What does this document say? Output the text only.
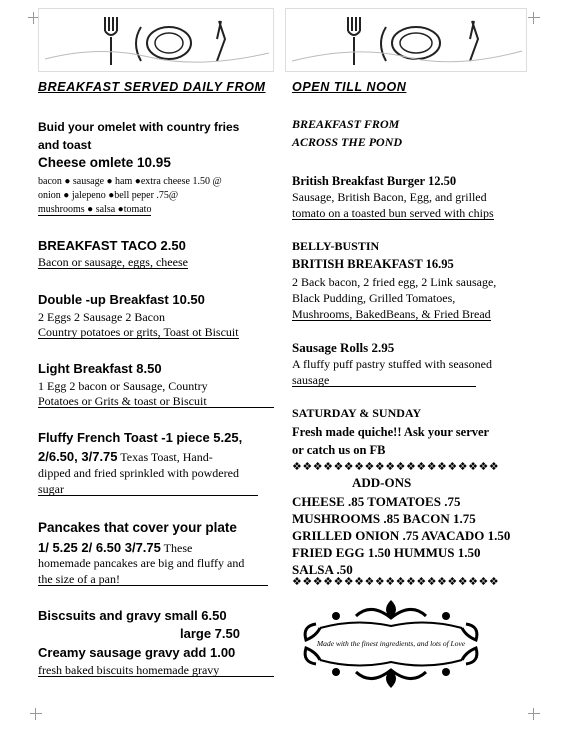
BREAKFAST SERVED DAILY FROM
Buid your omelet with country fries
and toast
Cheese omlete 10.95
bacon ● sausage ● ham ●extra cheese 1.50 @
onion ● jalepeno ●bell peper .75@
mushrooms ● salsa ●tomato
BREAKFAST TACO 2.50
Bacon or sausage, eggs, cheese
Double -up Breakfast 10.50
2 Eggs 2 Sausage 2 Bacon
Country potatoes or grits, Toast ot Biscuit
Light Breakfast 8.50
1 Egg 2 bacon or Sausage, Country
Potatoes or Grits & toast or Biscuit
Fluffy French Toast -1 piece 5.25,
2/6.50, 3/7.75 Texas Toast, Hand-
dipped and fried sprinkled with powdered
sugar
Pancakes that cover your plate
1/ 5.25 2/ 6.50 3/7.75 These
homemade pancakes are big and fluffy and
the size of a pan!
Biscsuits and gravy small 6.50
large 7.50
Creamy sausage gravy add 1.00
fresh baked biscuits homemade gravy
OPEN TILL NOON
BREAKFAST FROM
ACROSS THE POND
British Breakfast Burger 12.50
Sausage, British Bacon, Egg, and grilled
tomato on a toasted bun served with chips
BELLY-BUSTIN
BRITISH BREAKFAST 16.95
2 Back bacon, 2 fried egg, 2 Link sausage,
Black Pudding, Grilled Tomatoes,
Mushrooms, BakedBeans, & Fried Bread
Sausage Rolls 2.95
A fluffy puff pastry stuffed with seasoned
sausage
SATURDAY & SUNDAY
Fresh made quiche!! Ask your server
or catch us on FB
❖❖❖❖❖❖❖❖❖❖❖❖❖❖❖❖❖❖❖❖
ADD-ONS
CHEESE .85 TOMATOES .75
MUSHROOMS .85 BACON 1.75
GRILLED ONION .75 AVACADO 1.50
FRIED EGG 1.50 HUMMUS 1.50
SALSA .50
❖❖❖❖❖❖❖❖❖❖❖❖❖❖❖❖❖❖❖❖
Made with the finest ingredients, and lots of Love
